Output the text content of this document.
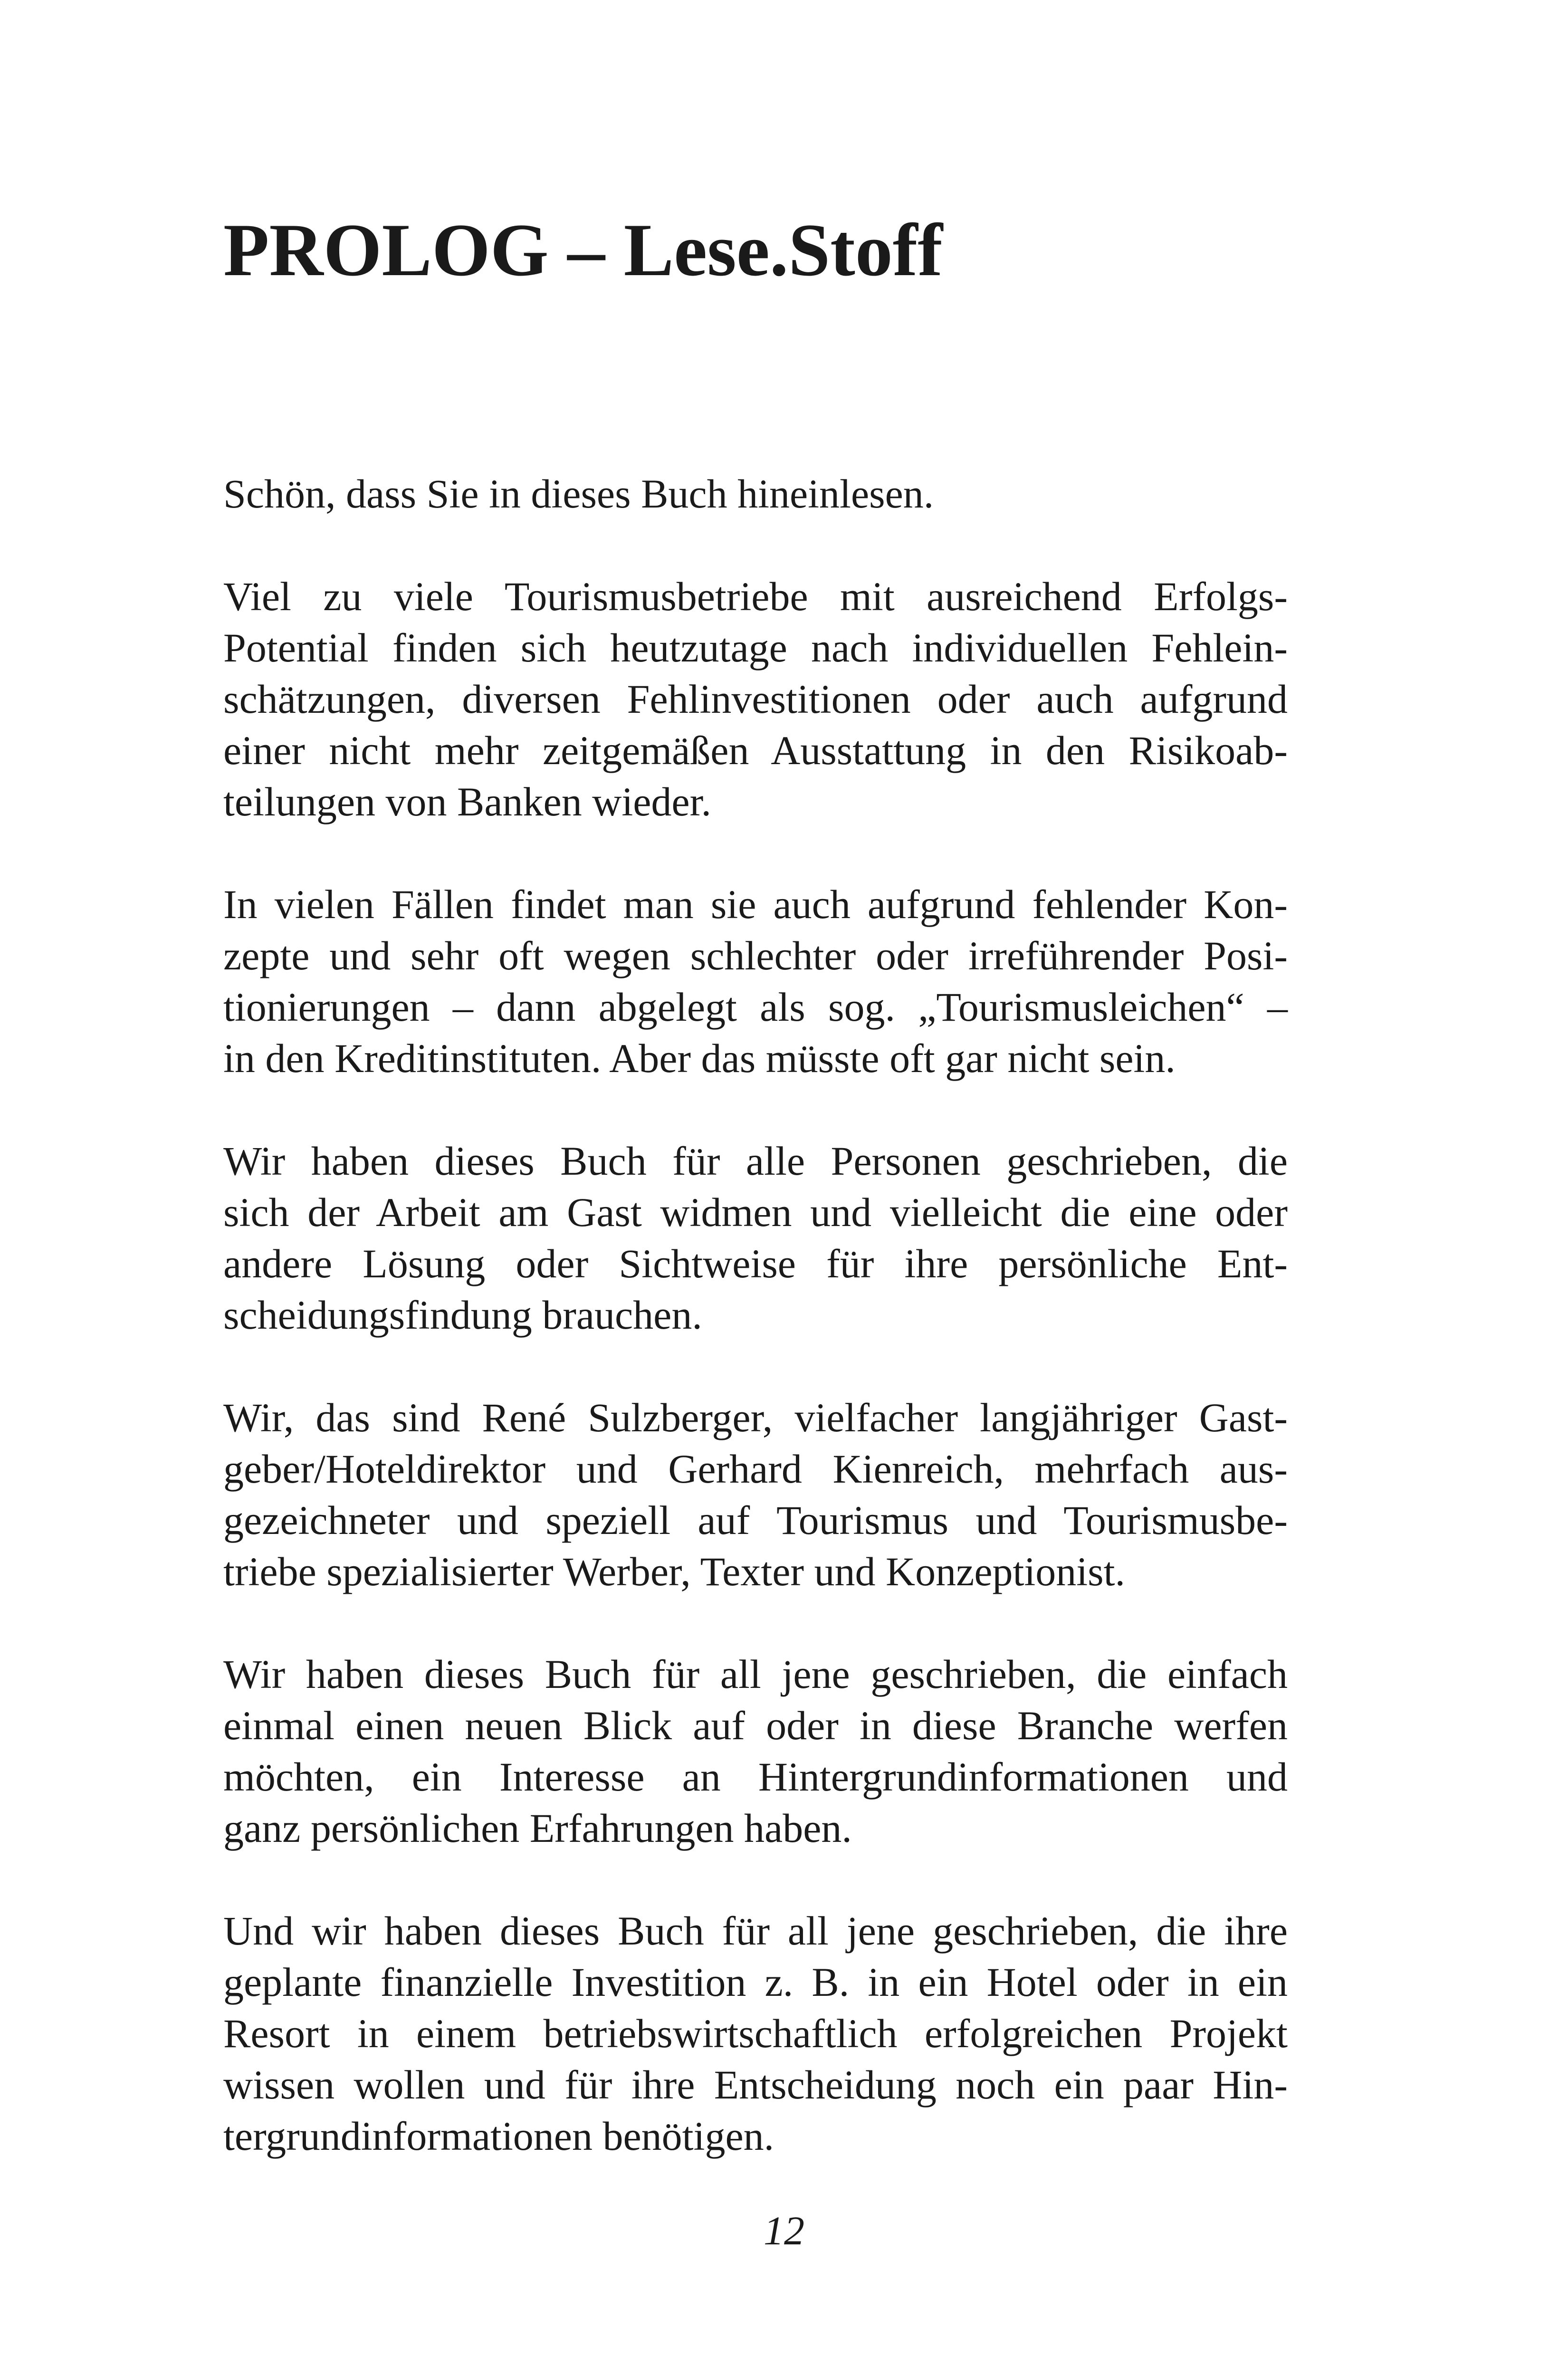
PROLOG – Lese.Stoff

Schön, dass Sie in dieses Buch hineinlesen.

Viel zu viele Tourismusbetriebe mit ausreichend Erfolgs-
Potential finden sich heutzutage nach individuellen Fehlein-
schätzungen, diversen Fehlinvestitionen oder auch aufgrund
einer nicht mehr zeitgemäßen Ausstattung in den Risikoab-
teilungen von Banken wieder.

In vielen Fällen findet man sie auch aufgrund fehlender Kon-
zepte und sehr oft wegen schlechter oder irreführender Posi-
tionierungen – dann abgelegt als sog. „Tourismusleichen“ –
in den Kreditinstituten. Aber das müsste oft gar nicht sein.

Wir haben dieses Buch für alle Personen geschrieben, die
sich der Arbeit am Gast widmen und vielleicht die eine oder
andere Lösung oder Sichtweise für ihre persönliche Ent-
scheidungsfindung brauchen.

Wir, das sind René Sulzberger, vielfacher langjähriger Gast-
geber/Hoteldirektor und Gerhard Kienreich, mehrfach aus-
gezeichneter und speziell auf Tourismus und Tourismusbe-
triebe spezialisierter Werber, Texter und Konzeptionist.

Wir haben dieses Buch für all jene geschrieben, die einfach
einmal einen neuen Blick auf oder in diese Branche werfen
möchten, ein Interesse an Hintergrundinformationen und
ganz persönlichen Erfahrungen haben.

Und wir haben dieses Buch für all jene geschrieben, die ihre
geplante finanzielle Investition z. B. in ein Hotel oder in ein
Resort in einem betriebswirtschaftlich erfolgreichen Projekt
wissen wollen und für ihre Entscheidung noch ein paar Hin-
tergrundinformationen benötigen.

12
